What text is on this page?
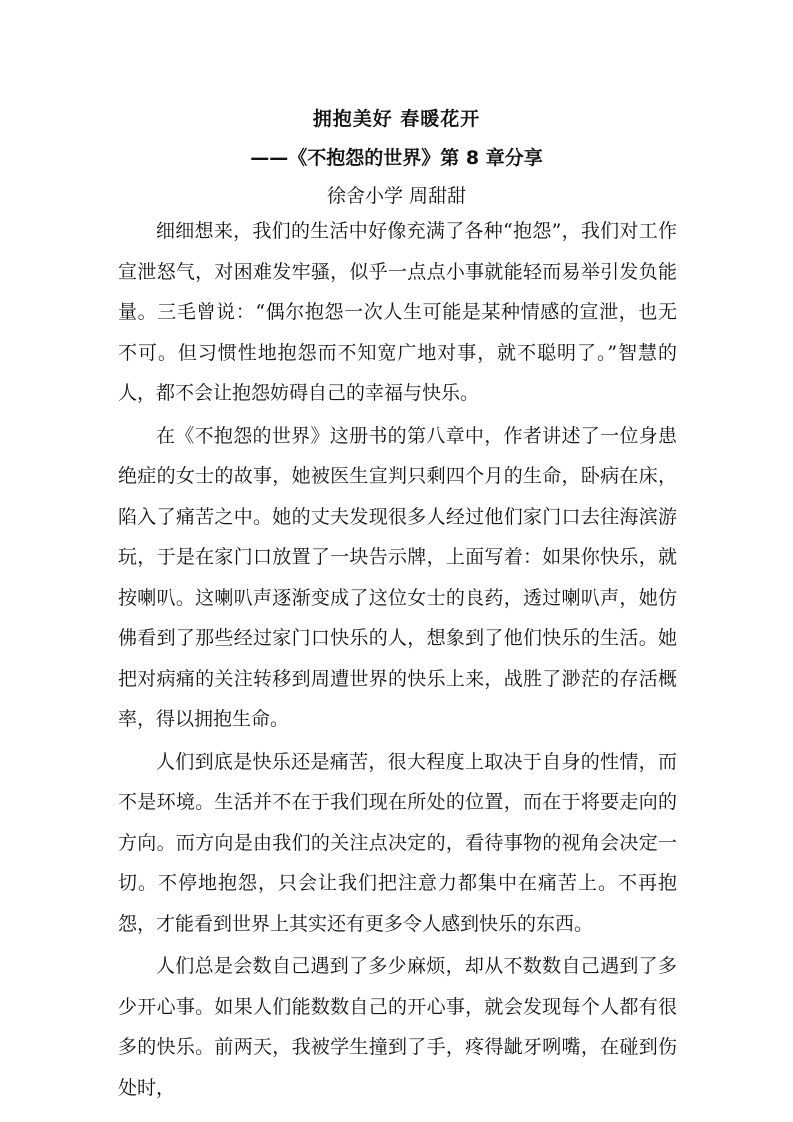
拥抱美好 春暖花开
——《不抱怨的世界》第 8 章分享
徐舍小学 周甜甜

细细想来，我们的生活中好像充满了各种“抱怨”，我们对工作宣泄怒气，对困难发牢骚，似乎一点点小事就能轻而易举引发负能量。三毛曾说：“偶尔抱怨一次人生可能是某种情感的宣泄，也无不可。但习惯性地抱怨而不知宽广地对事，就不聪明了。”智慧的人，都不会让抱怨妨碍自己的幸福与快乐。

在《不抱怨的世界》这册书的第八章中，作者讲述了一位身患绝症的女士的故事，她被医生宣判只剩四个月的生命，卧病在床，陷入了痛苦之中。她的丈夫发现很多人经过他们家门口去往海滨游玩，于是在家门口放置了一块告示牌，上面写着：如果你快乐，就按喇叭。这喇叭声逐渐变成了这位女士的良药，透过喇叭声，她仿佛看到了那些经过家门口快乐的人，想象到了他们快乐的生活。她把对病痛的关注转移到周遭世界的快乐上来，战胜了渺茫的存活概率，得以拥抱生命。

人们到底是快乐还是痛苦，很大程度上取决于自身的性情，而不是环境。生活并不在于我们现在所处的位置，而在于将要走向的方向。而方向是由我们的关注点决定的，看待事物的视角会决定一切。不停地抱怨，只会让我们把注意力都集中在痛苦上。不再抱怨，才能看到世界上其实还有更多令人感到快乐的东西。

人们总是会数自己遇到了多少麻烦，却从不数数自己遇到了多少开心事。如果人们能数数自己的开心事，就会发现每个人都有很多的快乐。前两天，我被学生撞到了手，疼得龇牙咧嘴，在碰到伤处时，
